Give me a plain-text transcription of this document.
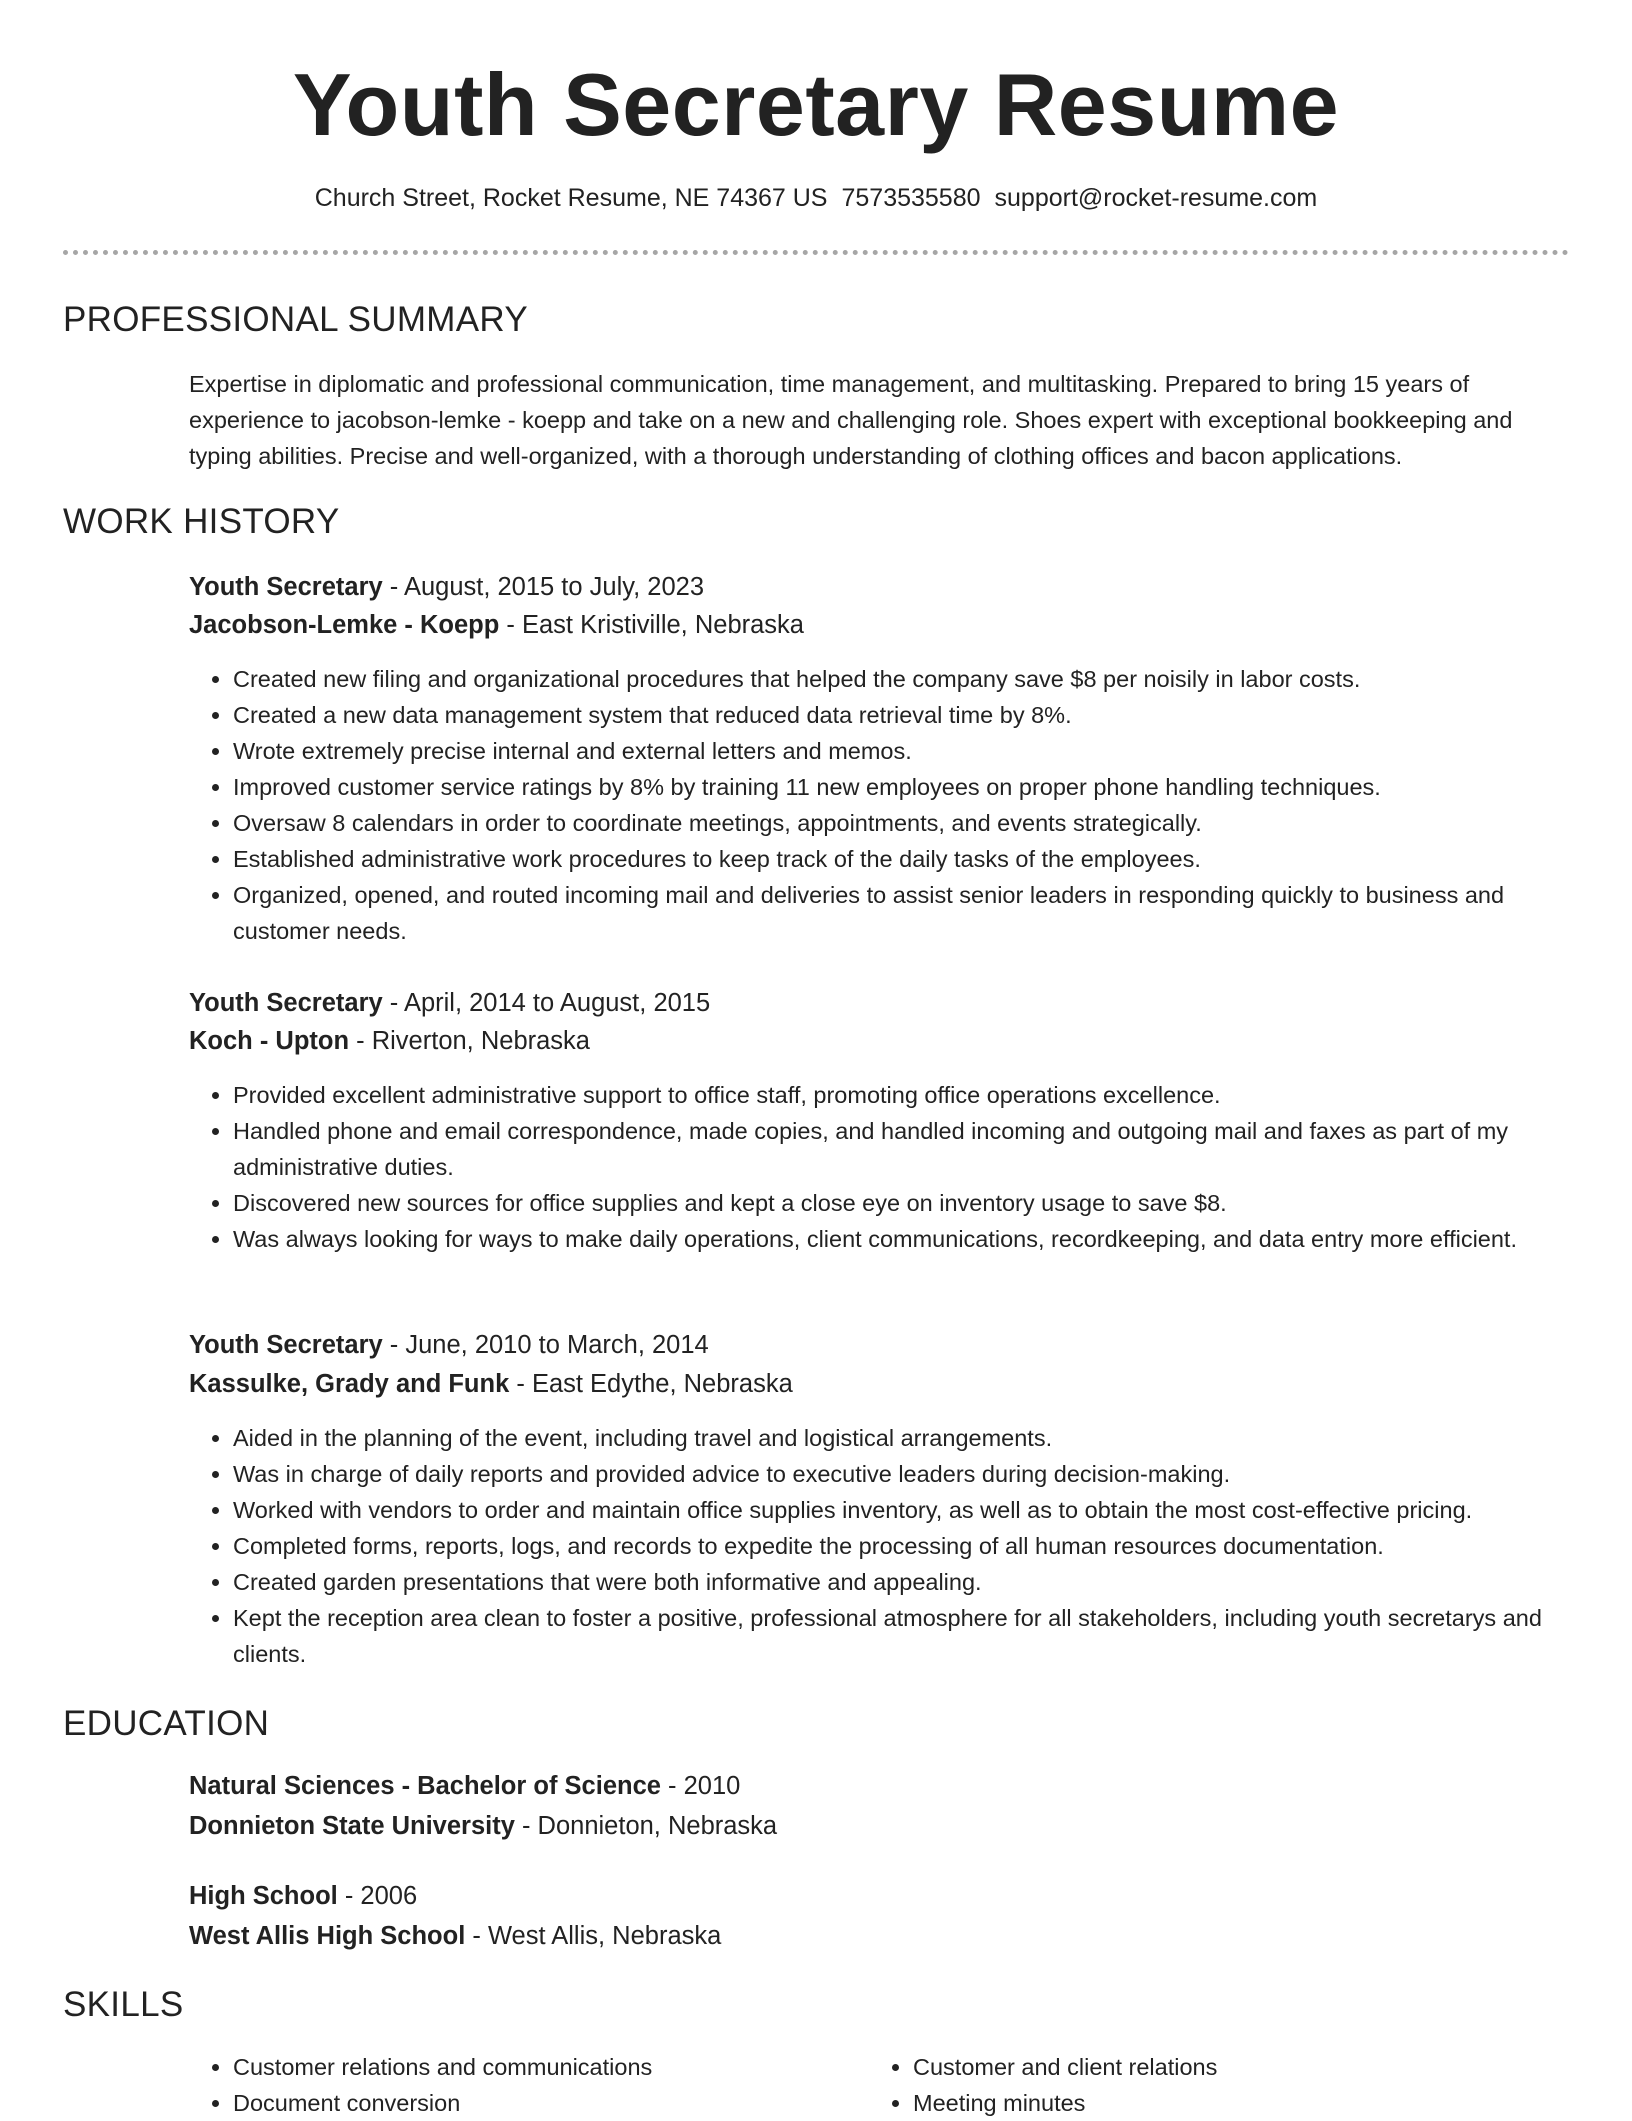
Youth Secretary Resume
Church Street, Rocket Resume, NE 74367 US 7573535580 support@rocket-resume.com
PROFESSIONAL SUMMARY

Expertise in diplomatic and professional communication, time management, and multitasking. Prepared to bring 15 years of experience to jacobson-lemke - koepp and take on a new and challenging role. Shoes expert with exceptional bookkeeping and typing abilities. Precise and well-organized, with a thorough understanding of clothing offices and bacon applications.

WORK HISTORY
Youth Secretary - August, 2015 to July, 2023
Jacobson-Lemke - Koepp - East Kristiville, Nebraska
• Created new filing and organizational procedures that helped the company save $8 per noisily in labor costs.
• Created a new data management system that reduced data retrieval time by 8%.
• Wrote extremely precise internal and external letters and memos.
• Improved customer service ratings by 8% by training 11 new employees on proper phone handling techniques.
• Oversaw 8 calendars in order to coordinate meetings, appointments, and events strategically.
• Established administrative work procedures to keep track of the daily tasks of the employees.
• Organized, opened, and routed incoming mail and deliveries to assist senior leaders in responding quickly to business and customer needs.
Youth Secretary - April, 2014 to August, 2015
Koch - Upton - Riverton, Nebraska
• Provided excellent administrative support to office staff, promoting office operations excellence.
• Handled phone and email correspondence, made copies, and handled incoming and outgoing mail and faxes as part of my administrative duties.
• Discovered new sources for office supplies and kept a close eye on inventory usage to save $8.
• Was always looking for ways to make daily operations, client communications, recordkeeping, and data entry more efficient.
Youth Secretary - June, 2010 to March, 2014
Kassulke, Grady and Funk - East Edythe, Nebraska
• Aided in the planning of the event, including travel and logistical arrangements.
• Was in charge of daily reports and provided advice to executive leaders during decision-making.
• Worked with vendors to order and maintain office supplies inventory, as well as to obtain the most cost-effective pricing.
• Completed forms, reports, logs, and records to expedite the processing of all human resources documentation.
• Created garden presentations that were both informative and appealing.
• Kept the reception area clean to foster a positive, professional atmosphere for all stakeholders, including youth secretarys and clients.
EDUCATION
Natural Sciences - Bachelor of Science - 2010
Donnieton State University - Donnieton, Nebraska
High School - 2006
West Allis High School - West Allis, Nebraska
SKILLS
• Customer relations and communications
• Document conversion
• Customer and client relations
• Meeting minutes
